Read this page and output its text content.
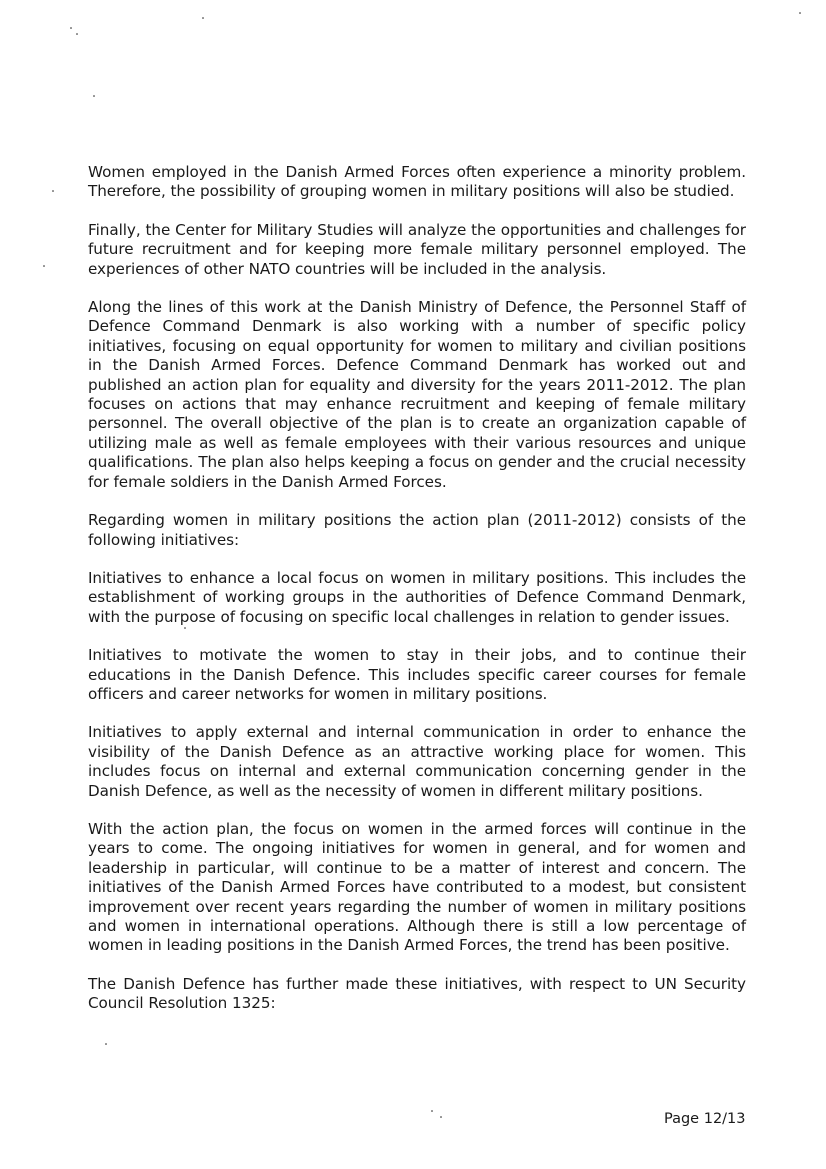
Women employed in the Danish Armed Forces often experience a minority problem. Therefore, the possibility of grouping women in military positions will also be studied.

Finally, the Center for Military Studies will analyze the opportunities and challenges for future recruitment and for keeping more female military personnel employed. The experiences of other NATO countries will be included in the analysis.

Along the lines of this work at the Danish Ministry of Defence, the Personnel Staff of Defence Command Denmark is also working with a number of specific policy initiatives, focusing on equal opportunity for women to military and civilian positions in the Danish Armed Forces. Defence Command Denmark has worked out and published an action plan for equality and diversity for the years 2011-2012. The plan focuses on actions that may enhance recruitment and keeping of female military personnel. The overall objective of the plan is to create an organization capable of utilizing male as well as female employees with their various resources and unique qualifications. The plan also helps keeping a focus on gender and the crucial necessity for female soldiers in the Danish Armed Forces.

Regarding women in military positions the action plan (2011-2012) consists of the following initiatives:

Initiatives to enhance a local focus on women in military positions. This includes the establishment of working groups in the authorities of Defence Command Denmark, with the purpose of focusing on specific local challenges in relation to gender issues.

Initiatives to motivate the women to stay in their jobs, and to continue their educations in the Danish Defence. This includes specific career courses for female officers and career networks for women in military positions.

Initiatives to apply external and internal communication in order to enhance the visibility of the Danish Defence as an attractive working place for women. This includes focus on internal and external communication concerning gender in the Danish Defence, as well as the necessity of women in different military positions.

With the action plan, the focus on women in the armed forces will continue in the years to come. The ongoing initiatives for women in general, and for women and leadership in particular, will continue to be a matter of interest and concern. The initiatives of the Danish Armed Forces have contributed to a modest, but consistent improvement over recent years regarding the number of women in military positions and women in international operations. Although there is still a low percentage of women in leading positions in the Danish Armed Forces, the trend has been positive.

The Danish Defence has further made these initiatives, with respect to UN Security Council Resolution 1325:

Page 12/13
